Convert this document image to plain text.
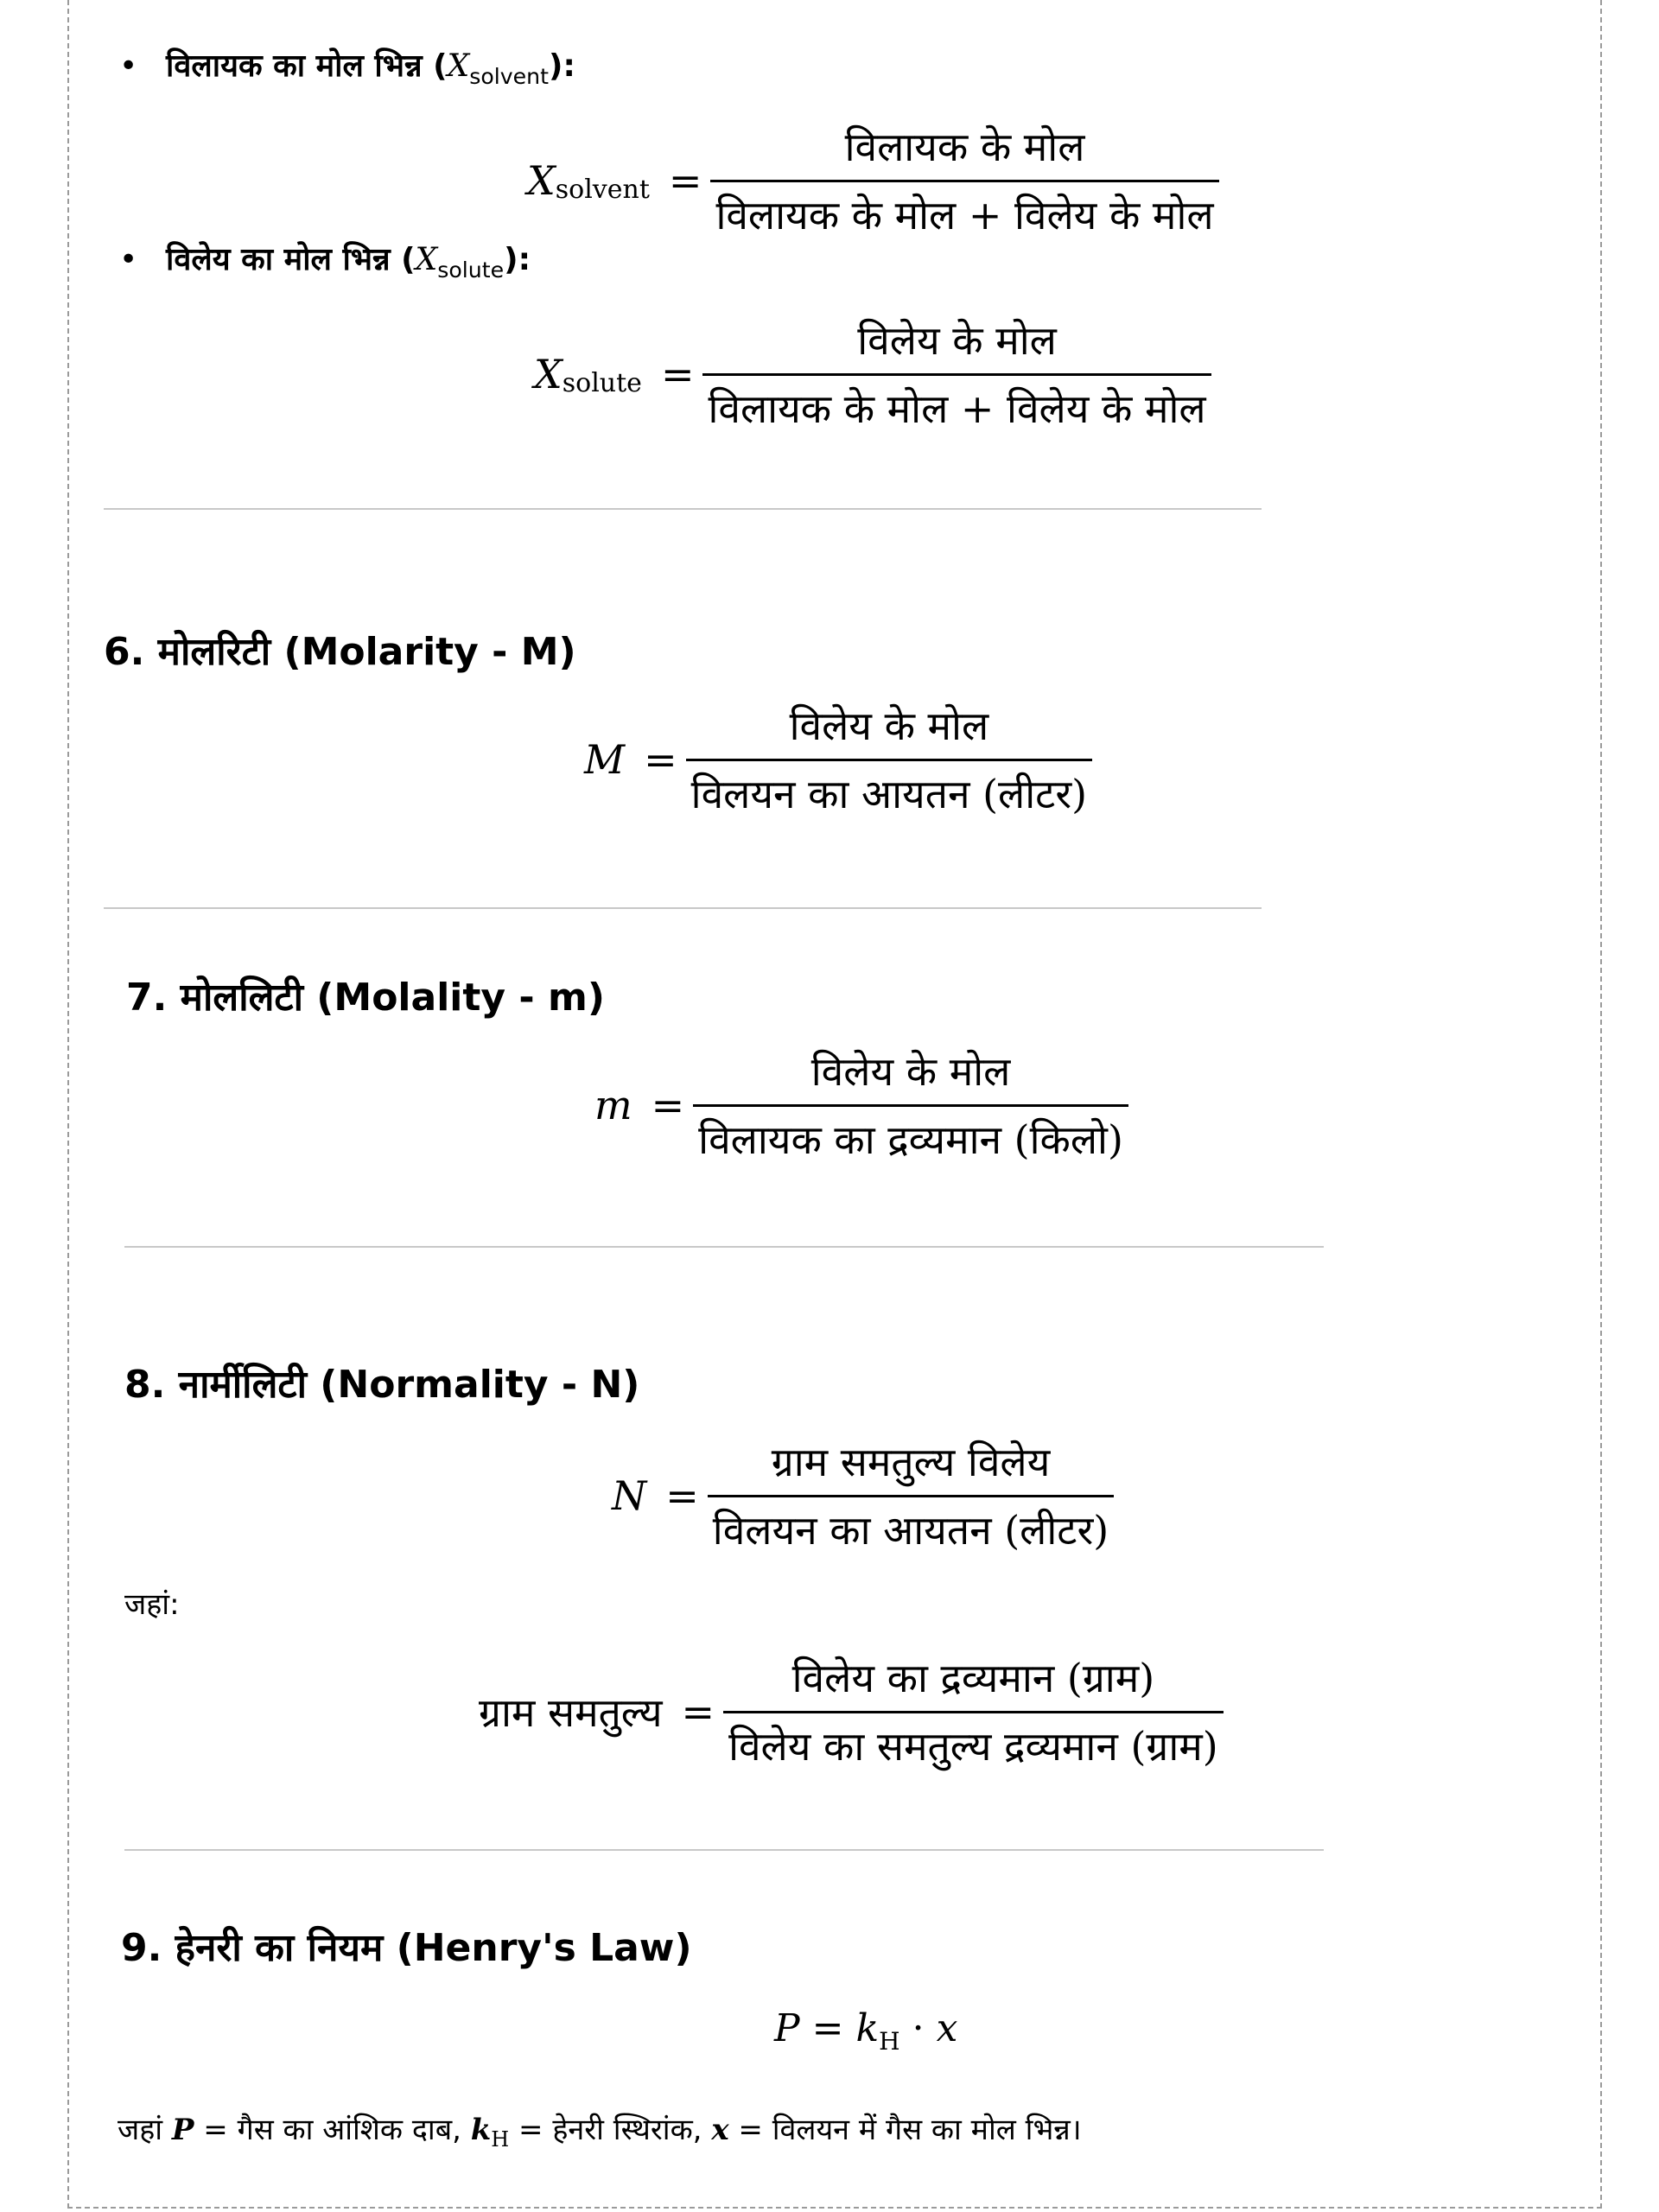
• विलायक का मोल भिन्न $(X_{solvent})$:
X solvent = $\frac{\text{विलायक के मोल}}{\text{विलायक के मोल + विलेय के मोल}}$
• विलेय का मोल भिन्न $(X_{solute})$:
X solute = $\frac{\text{विलेय के मोल}}{\text{विलायक के मोल + विलेय के मोल}}$
6. मोलरिटी (Molarity - M)
$M = \frac{\text{विलेय के मोल}}{\text{विलयन का आयतन (लीटर)}}$
7. मोललिटी (Molality - m)
$m = \frac{\text{विलेय के मोल}}{\text{विलायक का द्रव्यमान (किलो)}}$
8. नार्मीलिटी (Normality - N)
$N = \frac{\text{ग्राम समतुल्य विलेय}}{\text{विलयन का आयतन (लीटर)}}$
जहां:
ग्राम समतुल्य = $\frac{\text{विलेय का द्रव्यमान (ग्राम)}}{\text{विलेय का समतुल्य द्रव्यमान (ग्राम)}}$
9. हेनरी का नियम (Henry's Law)
$P = k_H \cdot x$
जहां P = गैस का आंशिक दाब, $k_H$ = हेनरी स्थिरांक, x = विलयन में गैस का मोल भिन्न।
